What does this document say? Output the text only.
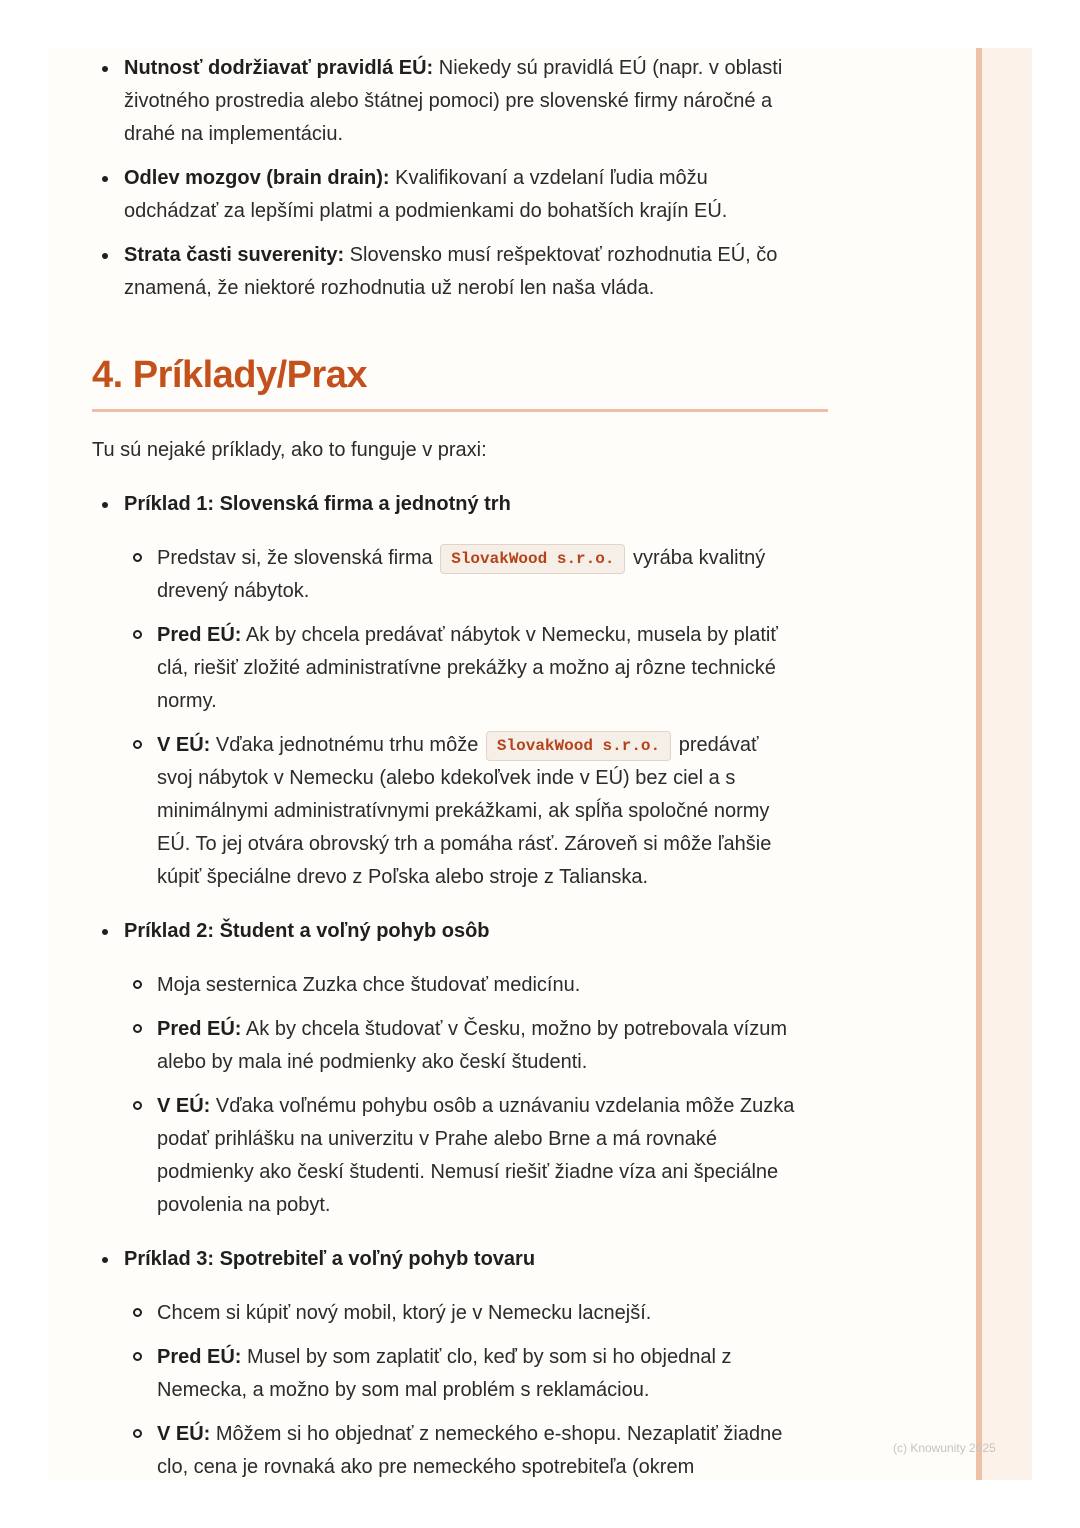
Nutnosť dodržiavať pravidlá EÚ: Niekedy sú pravidlá EÚ (napr. v oblasti
životného prostredia alebo štátnej pomoci) pre slovenské firmy náročné a
drahé na implementáciu.
Odlev mozgov (brain drain): Kvalifikovaní a vzdelaní ľudia môžu
odchádzať za lepšími platmi a podmienkami do bohatších krajín EÚ.
Strata časti suverenity: Slovensko musí rešpektovať rozhodnutia EÚ, čo
znamená, že niektoré rozhodnutia už nerobí len naša vláda.
4. Príklady/Prax

Tu sú nejaké príklady, ako to funguje v praxi:

Príklad 1: Slovenská firma a jednotný trh
Predstav si, že slovenská firma SlovakWood s.r.o. vyrába kvalitný
drevený nábytok.
Pred EÚ: Ak by chcela predávať nábytok v Nemecku, musela by platiť
clá, riešiť zložité administratívne prekážky a možno aj rôzne technické
normy.
V EÚ: Vďaka jednotnému trhu môže SlovakWood s.r.o. predávať
svoj nábytok v Nemecku (alebo kdekoľvek inde v EÚ) bez ciel a s
minimálnymi administratívnymi prekážkami, ak spĺňa spoločné normy
EÚ. To jej otvára obrovský trh a pomáha rásť. Zároveň si môže ľahšie
kúpiť špeciálne drevo z Poľska alebo stroje z Talianska.
Príklad 2: Študent a voľný pohyb osôb
Moja sesternica Zuzka chce študovať medicínu.
Pred EÚ: Ak by chcela študovať v Česku, možno by potrebovala vízum
alebo by mala iné podmienky ako českí študenti.
V EÚ: Vďaka voľnému pohybu osôb a uznávaniu vzdelania môže Zuzka
podať prihlášku na univerzitu v Prahe alebo Brne a má rovnaké
podmienky ako českí študenti. Nemusí riešiť žiadne víza ani špeciálne
povolenia na pobyt.
Príklad 3: Spotrebiteľ a voľný pohyb tovaru
Chcem si kúpiť nový mobil, ktorý je v Nemecku lacnejší.
Pred EÚ: Musel by som zaplatiť clo, keď by som si ho objednal z
Nemecka, a možno by som mal problém s reklamáciou.
V EÚ: Môžem si ho objednať z nemeckého e-shopu. Nezaplatiť žiadne
clo, cena je rovnaká ako pre nemeckého spotrebiteľa (okrem
(c) Knowunity 2025
